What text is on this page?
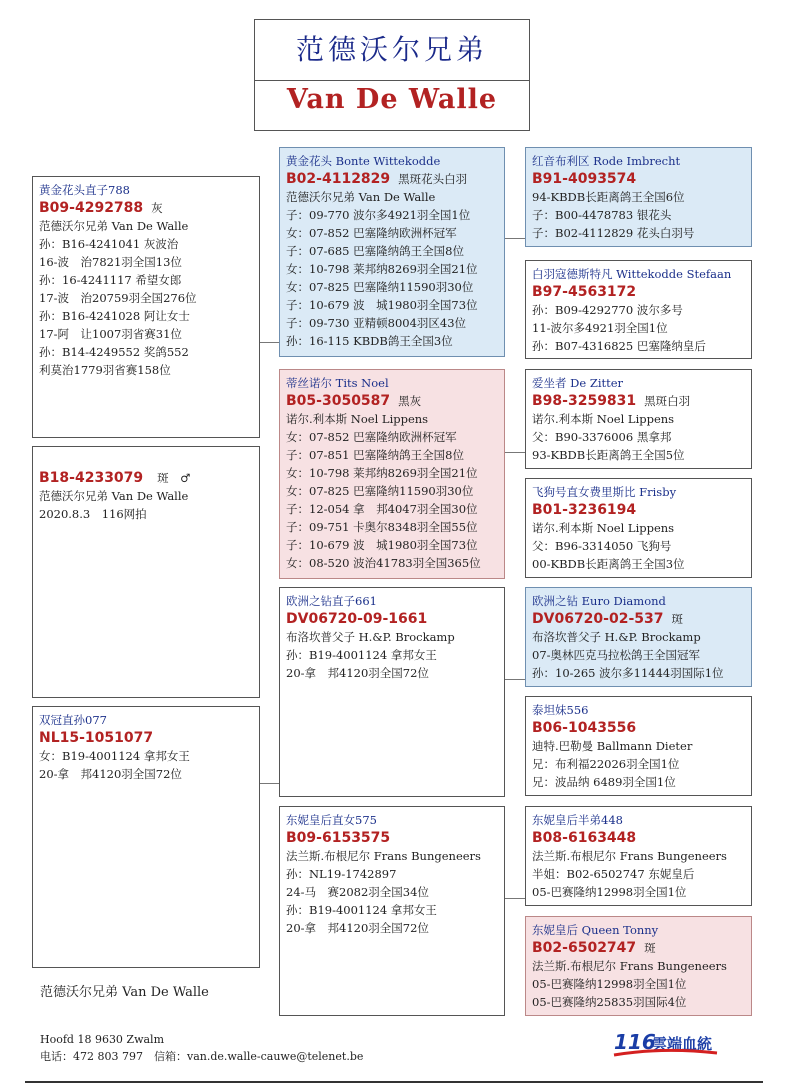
范德沃尔兄弟
Van De Walle
黄金花头直子788
B09-4292788 灰
范德沃尔兄弟 Van De Walle
孙：B16-4241041 灰波治
16-波　治7821羽全国13位
孙：16-4241117 希望女郎
17-波　治20759羽全国276位
孙：B16-4241028 阿让女士
17-阿　让1007羽省赛31位
孙：B14-4249552 奖鸽552
利莫治1779羽省赛158位
B18-4233079 斑　♂
范德沃尔兄弟 Van De Walle
2020.8.3　116网拍
双冠直孙077
NL15-1051077
女：B19-4001124 拿邦女王
20-拿　邦4120羽全国72位
黄金花头 Bonte Wittekodde
B02-4112829 黑斑花头白羽
范德沃尔兄弟 Van De Walle
子：09-770 波尔多4921羽全国1位
女：07-852 巴塞隆纳欧洲杯冠军
子：07-685 巴塞隆纳鸽王全国8位
女：10-798 莱邦纳8269羽全国21位
女：07-825 巴塞隆纳11590羽30位
子：10-679 波　城1980羽全国73位
子：09-730 亚精顿8004羽区43位
孙：16-115 KBDB鸽王全国3位
蒂丝诺尔 Tits Noel
B05-3050587 黑灰
诺尔.利本斯 Noel Lippens
女：07-852 巴塞隆纳欧洲杯冠军
子：07-851 巴塞隆纳鸽王全国8位
女：10-798 莱邦纳8269羽全国21位
女：07-825 巴塞隆纳11590羽30位
子：12-054 拿　邦4047羽全国30位
子：09-751 卡奥尔8348羽全国55位
子：10-679 波　城1980羽全国73位
女：08-520 波治41783羽全国365位
欧洲之钻直子661
DV06720-09-1661
布洛坎普父子 H.&P. Brockamp
孙：B19-4001124 拿邦女王
20-拿　邦4120羽全国72位
东妮皇后直女575
B09-6153575
法兰斯.布根尼尔 Frans Bungeneers
孙：NL19-1742897
24-马　赛2082羽全国34位
孙：B19-4001124 拿邦女王
20-拿　邦4120羽全国72位
红音布利区 Rode Imbrecht
B91-4093574
94-KBDB长距离鸽王全国6位
子：B00-4478783 银花头
子：B02-4112829 花头白羽号
白羽寇德斯特凡 Wittekodde Stefaan
B97-4563172
孙：B09-4292770 波尔多号
11-波尔多4921羽全国1位
孙：B07-4316825 巴塞隆纳皇后
爱坐者 De Zitter
B98-3259831 黑斑白羽
诺尔.利本斯 Noel Lippens
父：B90-3376006 黑拿邦
93-KBDB长距离鸽王全国5位
飞狗号直女费里斯比 Frisby
B01-3236194
诺尔.利本斯 Noel Lippens
父：B96-3314050 飞狗号
00-KBDB长距离鸽王全国3位
欧洲之钻 Euro Diamond
DV06720-02-537 斑
布洛坎普父子 H.&P. Brockamp
07-奥林匹克马拉松鸽王全国冠军
孙：10-265 波尔多11444羽国际1位
泰坦妹556
B06-1043556
迪特.巴勒曼 Ballmann Dieter
兄：布利福22026羽全国1位
兄：波品纳 6489羽全国1位
东妮皇后半弟448
B08-6163448
法兰斯.布根尼尔 Frans Bungeneers
半姐：B02-6502747 东妮皇后
05-巴赛隆纳12998羽全国1位
东妮皇后 Queen Tonny
B02-6502747 斑
法兰斯.布根尼尔 Frans Bungeneers
05-巴赛隆纳12998羽全国1位
05-巴赛隆纳25835羽国际4位
范德沃尔兄弟 Van De Walle
Hoofd 18 9630 Zwalm
电话：472 803 797　信箱：van.de.walle-cauwe@telenet.be
116
雲端血統
